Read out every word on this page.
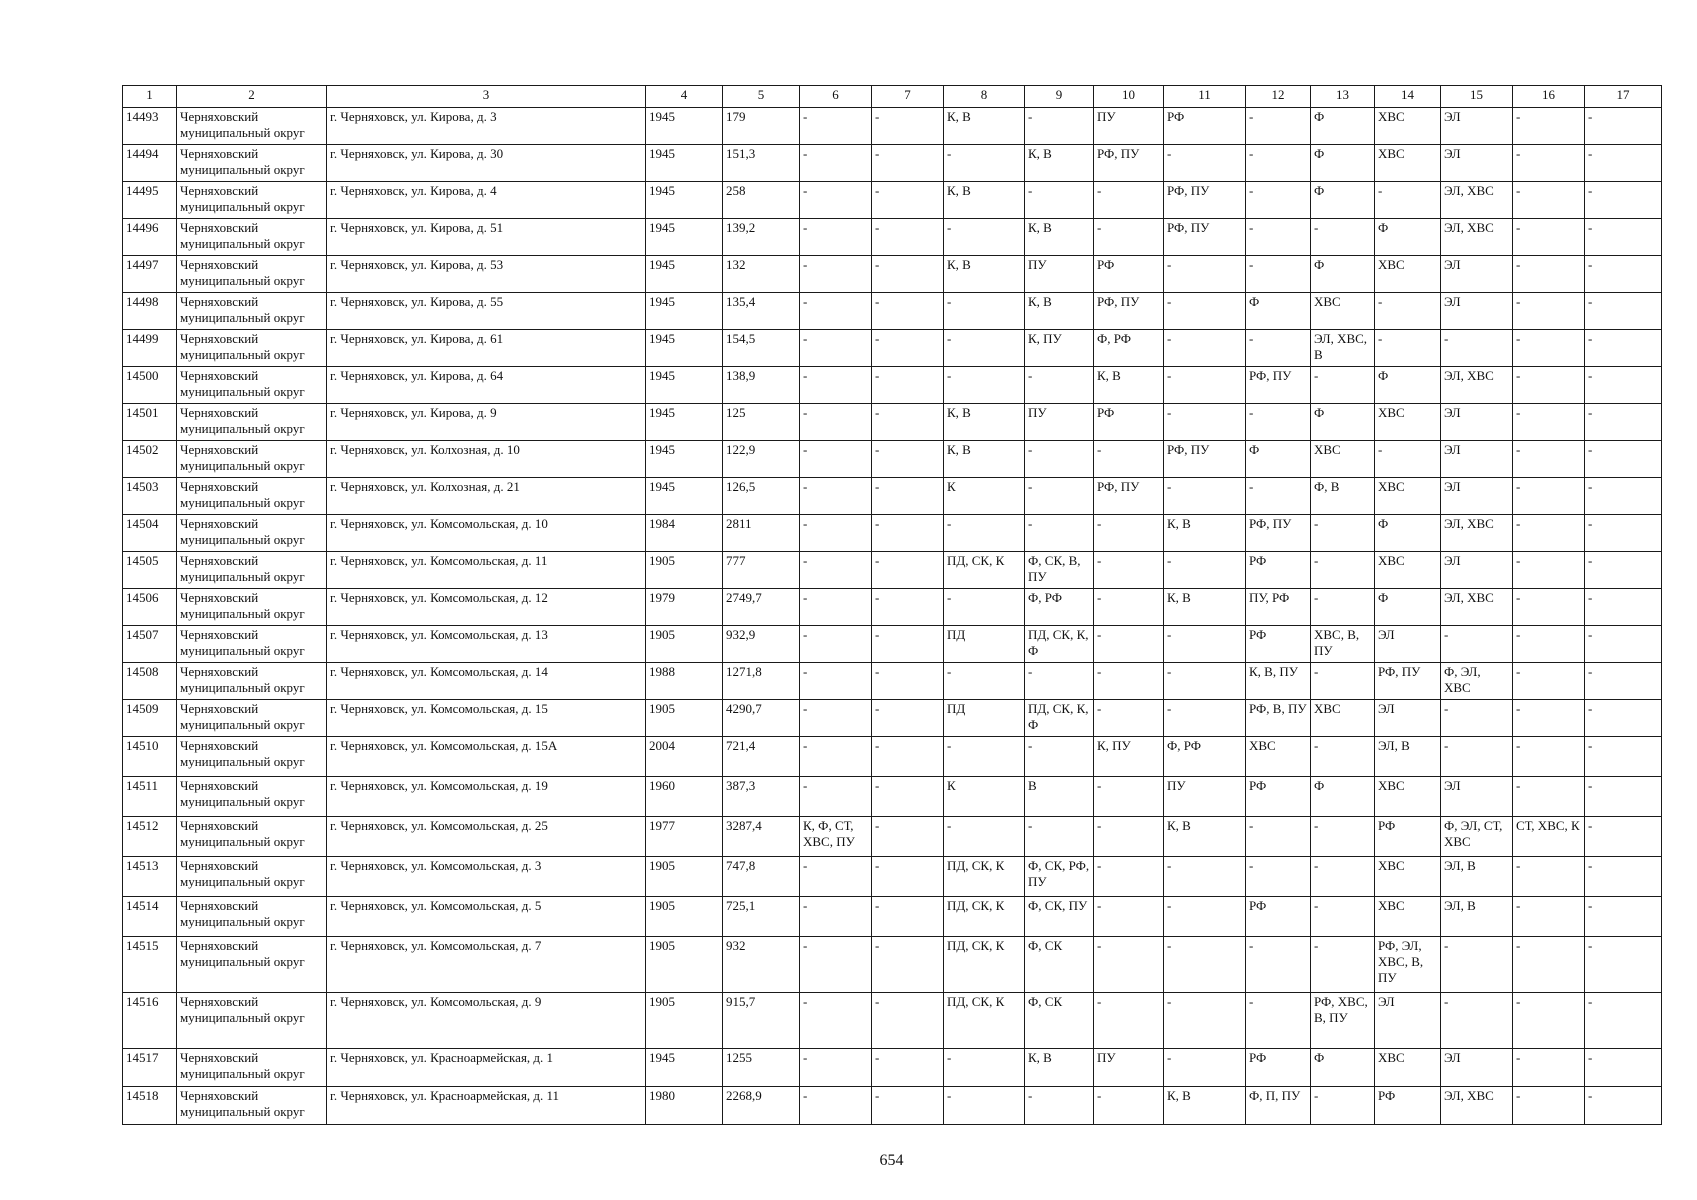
1	2	3	4	5	6	7	8	9	10	11	12	13	14	15	16	17
14493	Черняховский муниципальный округ	г. Черняховск, ул. Кирова, д. 3	1945	179	-	-	К, В	-	ПУ	РФ	-	Ф	ХВС	ЭЛ	-	-
14494	Черняховский муниципальный округ	г. Черняховск, ул. Кирова, д. 30	1945	151,3	-	-	-	К, В	РФ, ПУ	-	-	Ф	ХВС	ЭЛ	-	-
14495	Черняховский муниципальный округ	г. Черняховск, ул. Кирова, д. 4	1945	258	-	-	К, В	-	-	РФ, ПУ	-	Ф	-	ЭЛ, ХВС	-	-
14496	Черняховский муниципальный округ	г. Черняховск, ул. Кирова, д. 51	1945	139,2	-	-	-	К, В	-	РФ, ПУ	-	-	Ф	ЭЛ, ХВС	-	-
14497	Черняховский муниципальный округ	г. Черняховск, ул. Кирова, д. 53	1945	132	-	-	К, В	ПУ	РФ	-	-	Ф	ХВС	ЭЛ	-	-
14498	Черняховский муниципальный округ	г. Черняховск, ул. Кирова, д. 55	1945	135,4	-	-	-	К, В	РФ, ПУ	-	Ф	ХВС	-	ЭЛ	-	-
14499	Черняховский муниципальный округ	г. Черняховск, ул. Кирова, д. 61	1945	154,5	-	-	-	К, ПУ	Ф, РФ	-	-	ЭЛ, ХВС, В	-	-	-	-
14500	Черняховский муниципальный округ	г. Черняховск, ул. Кирова, д. 64	1945	138,9	-	-	-	-	К, В	-	РФ, ПУ	-	Ф	ЭЛ, ХВС	-	-
14501	Черняховский муниципальный округ	г. Черняховск, ул. Кирова, д. 9	1945	125	-	-	К, В	ПУ	РФ	-	-	Ф	ХВС	ЭЛ	-	-
14502	Черняховский муниципальный округ	г. Черняховск, ул. Колхозная, д. 10	1945	122,9	-	-	К, В	-	-	РФ, ПУ	Ф	ХВС	-	ЭЛ	-	-
14503	Черняховский муниципальный округ	г. Черняховск, ул. Колхозная, д. 21	1945	126,5	-	-	К	-	РФ, ПУ	-	-	Ф, В	ХВС	ЭЛ	-	-
14504	Черняховский муниципальный округ	г. Черняховск, ул. Комсомольская, д. 10	1984	2811	-	-	-	-	-	К, В	РФ, ПУ	-	Ф	ЭЛ, ХВС	-	-
14505	Черняховский муниципальный округ	г. Черняховск, ул. Комсомольская, д. 11	1905	777	-	-	ПД, СК, К	Ф, СК, В, ПУ	-	-	РФ	-	ХВС	ЭЛ	-	-
14506	Черняховский муниципальный округ	г. Черняховск, ул. Комсомольская, д. 12	1979	2749,7	-	-	-	Ф, РФ	-	К, В	ПУ, РФ	-	Ф	ЭЛ, ХВС	-	-
14507	Черняховский муниципальный округ	г. Черняховск, ул. Комсомольская, д. 13	1905	932,9	-	-	ПД	ПД, СК, К, Ф	-	-	РФ	ХВС, В, ПУ	ЭЛ	-	-	-
14508	Черняховский муниципальный округ	г. Черняховск, ул. Комсомольская, д. 14	1988	1271,8	-	-	-	-	-	-	К, В, ПУ	-	РФ, ПУ	Ф, ЭЛ, ХВС	-	-
14509	Черняховский муниципальный округ	г. Черняховск, ул. Комсомольская, д. 15	1905	4290,7	-	-	ПД	ПД, СК, К, Ф	-	-	РФ, В, ПУ	ХВС	ЭЛ	-	-	-
14510	Черняховский муниципальный округ	г. Черняховск, ул. Комсомольская, д. 15А	2004	721,4	-	-	-	-	К, ПУ	Ф, РФ	ХВС	-	ЭЛ, В	-	-	-
14511	Черняховский муниципальный округ	г. Черняховск, ул. Комсомольская, д. 19	1960	387,3	-	-	К	В	-	ПУ	РФ	Ф	ХВС	ЭЛ	-	-
14512	Черняховский муниципальный округ	г. Черняховск, ул. Комсомольская, д. 25	1977	3287,4	К, Ф, СТ, ХВС, ПУ	-	-	-	-	К, В	-	-	РФ	Ф, ЭЛ, СТ, ХВС	СТ, ХВС, К	-
14513	Черняховский муниципальный округ	г. Черняховск, ул. Комсомольская, д. 3	1905	747,8	-	-	ПД, СК, К	Ф, СК, РФ, ПУ	-	-	-	-	ХВС	ЭЛ, В	-	-
14514	Черняховский муниципальный округ	г. Черняховск, ул. Комсомольская, д. 5	1905	725,1	-	-	ПД, СК, К	Ф, СК, ПУ	-	-	РФ	-	ХВС	ЭЛ, В	-	-
14515	Черняховский муниципальный округ	г. Черняховск, ул. Комсомольская, д. 7	1905	932	-	-	ПД, СК, К	Ф, СК	-	-	-	-	РФ, ЭЛ, ХВС, В, ПУ	-	-	-
14516	Черняховский муниципальный округ	г. Черняховск, ул. Комсомольская, д. 9	1905	915,7	-	-	ПД, СК, К	Ф, СК	-	-	-	РФ, ХВС, В, ПУ	ЭЛ	-	-	-
14517	Черняховский муниципальный округ	г. Черняховск, ул. Красноармейская, д. 1	1945	1255	-	-	-	К, В	ПУ	-	РФ	Ф	ХВС	ЭЛ	-	-
14518	Черняховский муниципальный округ	г. Черняховск, ул. Красноармейская, д. 11	1980	2268,9	-	-	-	-	-	К, В	Ф, П, ПУ	-	РФ	ЭЛ, ХВС	-	-
654
